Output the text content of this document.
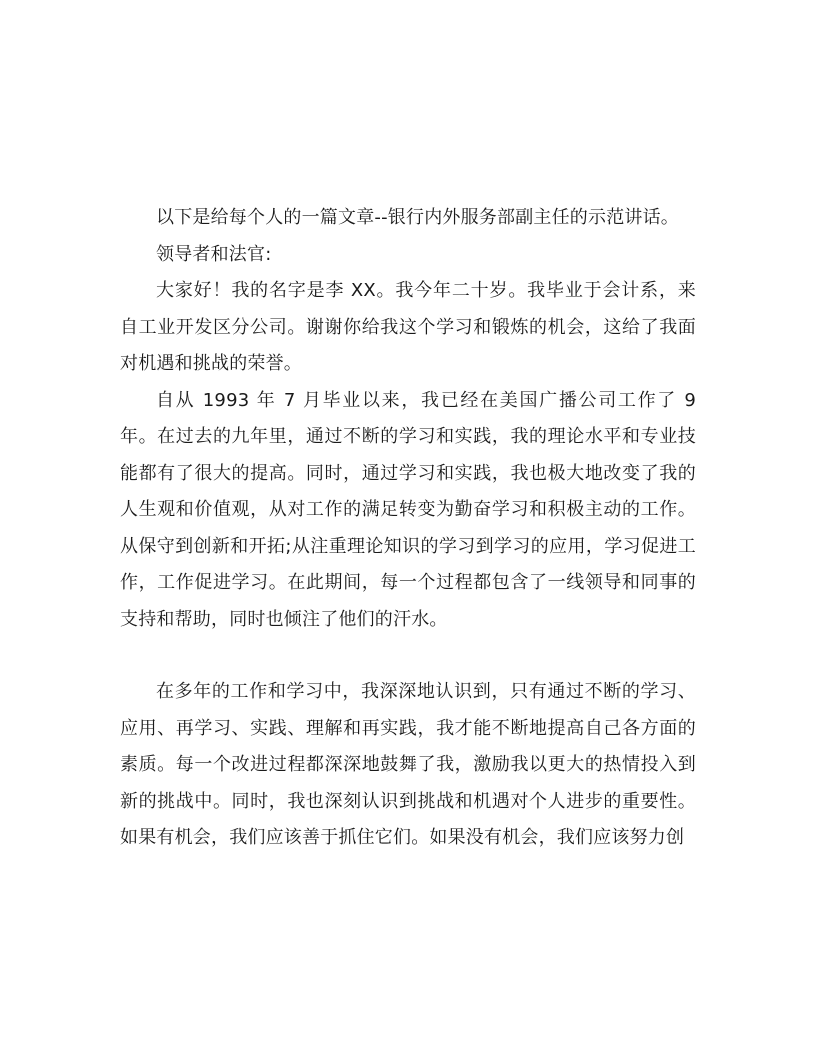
以下是给每个人的一篇文章--银行内外服务部副主任的示范讲话。

领导者和法官:

大家好！我的名字是李 XX。我今年二十岁。我毕业于会计系，来自工业开发区分公司。谢谢你给我这个学习和锻炼的机会，这给了我面对机遇和挑战的荣誉。

自从 1993 年 7 月毕业以来，我已经在美国广播公司工作了 9 年。在过去的九年里，通过不断的学习和实践，我的理论水平和专业技能都有了很大的提高。同时，通过学习和实践，我也极大地改变了我的人生观和价值观，从对工作的满足转变为勤奋学习和积极主动的工作。从保守到创新和开拓;从注重理论知识的学习到学习的应用，学习促进工作，工作促进学习。在此期间，每一个过程都包含了一线领导和同事的支持和帮助，同时也倾注了他们的汗水。

在多年的工作和学习中，我深深地认识到，只有通过不断的学习、应用、再学习、实践、理解和再实践，我才能不断地提高自己各方面的素质。每一个改进过程都深深地鼓舞了我，激励我以更大的热情投入到新的挑战中。同时，我也深刻认识到挑战和机遇对个人进步的重要性。如果有机会，我们应该善于抓住它们。如果没有机会，我们应该努力创
